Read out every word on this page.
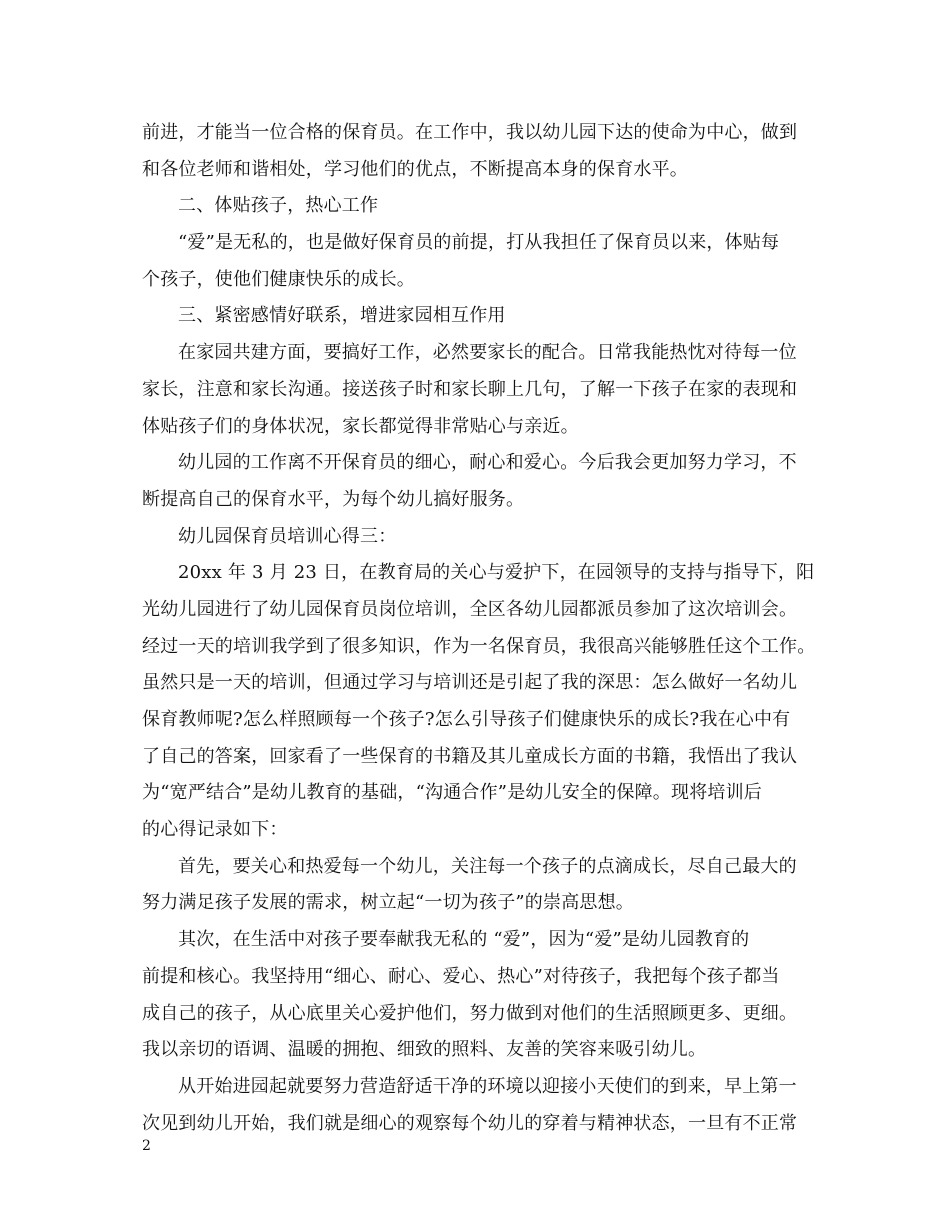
前进，才能当一位合格的保育员。在工作中，我以幼儿园下达的使命为中心，做到
和各位老师和谐相处，学习他们的优点，不断提高本身的保育水平。
二、体贴孩子，热心工作
“爱”是无私的，也是做好保育员的前提，打从我担任了保育员以来，体贴每
个孩子，使他们健康快乐的成长。
三、紧密感情好联系，增进家园相互作用
在家园共建方面，要搞好工作，必然要家长的配合。日常我能热忱对待每一位
家长，注意和家长沟通。接送孩子时和家长聊上几句，了解一下孩子在家的表现和
体贴孩子们的身体状况，家长都觉得非常贴心与亲近。
幼儿园的工作离不开保育员的细心，耐心和爱心。今后我会更加努力学习，不
断提高自己的保育水平，为每个幼儿搞好服务。
幼儿园保育员培训心得三：
20xx 年 3 月 23 日，在教育局的关心与爱护下，在园领导的支持与指导下，阳
光幼儿园进行了幼儿园保育员岗位培训，全区各幼儿园都派员参加了这次培训会。
经过一天的培训我学到了很多知识，作为一名保育员，我很高兴能够胜任这个工作。
虽然只是一天的培训，但通过学习与培训还是引起了我的深思：怎么做好一名幼儿
保育教师呢?怎么样照顾每一个孩子?怎么引导孩子们健康快乐的成长?我在心中有
了自己的答案，回家看了一些保育的书籍及其儿童成长方面的书籍，我悟出了我认
为“宽严结合”是幼儿教育的基础，“沟通合作”是幼儿安全的保障。现将培训后
的心得记录如下：
首先，要关心和热爱每一个幼儿，关注每一个孩子的点滴成长，尽自己最大的
努力满足孩子发展的需求，树立起“一切为孩子”的崇高思想。
其次，在生活中对孩子要奉献我无私的 “爱”，因为“爱”是幼儿园教育的
前提和核心。我坚持用“细心、耐心、爱心、热心”对待孩子，我把每个孩子都当
成自己的孩子，从心底里关心爱护他们，努力做到对他们的生活照顾更多、更细。
我以亲切的语调、温暖的拥抱、细致的照料、友善的笑容来吸引幼儿。
从开始进园起就要努力营造舒适干净的环境以迎接小天使们的到来，早上第一
次见到幼儿开始，我们就是细心的观察每个幼儿的穿着与精神状态，一旦有不正常
2
